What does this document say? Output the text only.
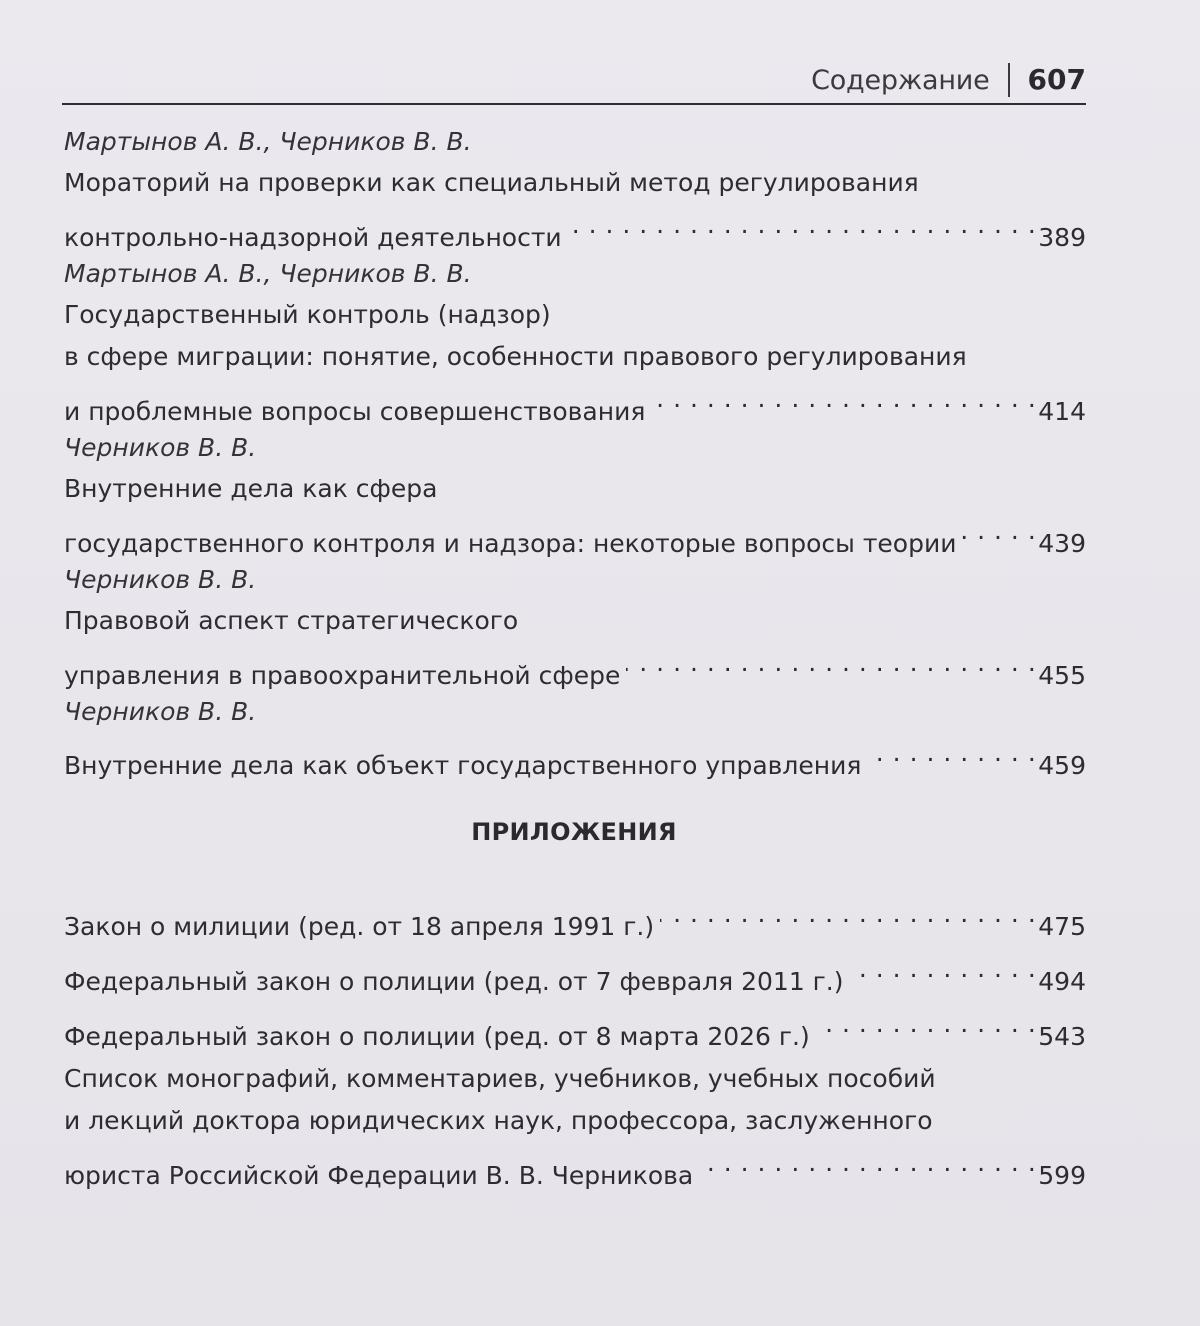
Содержание 607
Мартынов А. В., Черников В. В.
Мораторий на проверки как специальный метод регулирования
контрольно-надзорной деятельности . . .	389
Мартынов А. В., Черников В. В.
Государственный контроль (надзор)
в сфере миграции: понятие, особенности правового регулирования
и проблемные вопросы совершенствования . . .	414
Черников В. В.
Внутренние дела как сфера
государственного контроля и надзора: некоторые вопросы теории . . .	439
Черников В. В.
Правовой аспект стратегического
управления в правоохранительной сфере . . .	455
Черников В. В.
Внутренние дела как объект государственного управления . . .	459
ПРИЛОЖЕНИЯ
Закон о милиции (ред. от 18 апреля 1991 г.) . . .	475
Федеральный закон о полиции (ред. от 7 февраля 2011 г.) . . .	494
Федеральный закон о полиции (ред. от 8 марта 2026 г.) . . .	543
Список монографий, комментариев, учебников, учебных пособий
и лекций доктора юридических наук, профессора, заслуженного
юриста Российской Федерации В. В. Черникова . . .	599
